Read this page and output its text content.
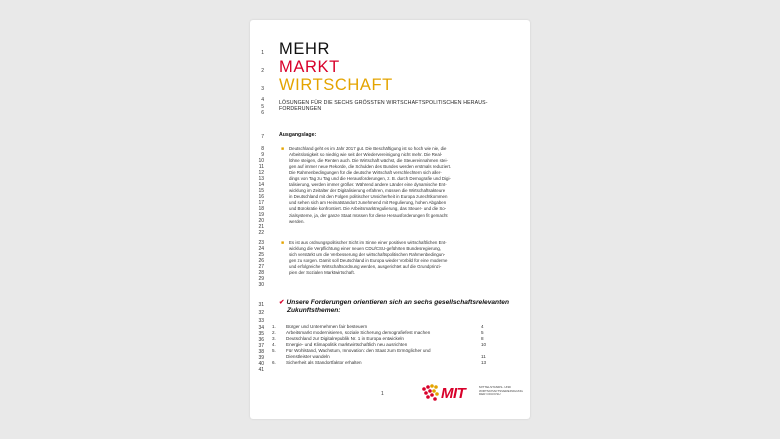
1
2
3
4
5
6
7
8
9
10
11
12
13
14
15
16
17
18
19
20
21
22
23
24
25
26
27
28
29
30
31
32
33
34
35
36
37
38
39
40
41
MEHR
MARKT
WIRTSCHAFT
LÖSUNGEN FÜR DIE SECHS GRÖSSTEN WIRTSCHAFTSPOLITISCHEN HERAUS-FORDERUNGEN
Ausgangslage:
■	Deutschland geht es im Jahr 2017 gut. Die Beschäftigung ist so hoch wie nie, die

Arbeitslosigkeit so niedrig wie seit der Wiedervereinigung nicht mehr. Die Real-

löhne steigen, die Renten auch. Die Wirtschaft wächst, die Steuereinnahmen stei-

gen auf immer neue Rekorde, die Schulden des Bundes werden erstmals reduziert.

Die Rahmenbedingungen für die deutsche Wirtschaft verschlechtern sich aller-

dings von Tag zu Tag und die Herausforderungen, z. B. durch Demografie und Digi-

talisierung, werden immer größer. Während andere Länder eine dynamische Ent-

wicklung im Zeitalter der Digitalisierung erfahren, müssen die Wirtschaftsakteure

in Deutschland mit den Folgen politischer Unsicherheit in Europa zurechtkommen

und sehen sich am Heimatstandort zunehmend mit Regulierung, hohen Abgaben

und Bürokratie konfrontiert. Die Arbeitsmarktregulierung, das Steuer- und die So-

zialsysteme, ja, der ganze Staat müssen für diese Herausforderungen fit gemacht

werden.

■	Es ist aus ordnungspolitischer Sicht im Sinne einer positiven wirtschaftlichen Ent-

wicklung die Verpflichtung einer neuen CDU/CSU-geführten Bundesregierung,

sich verstärkt um die Verbesserung der wirtschaftspolitischen Rahmenbedingun-

gen zu sorgen. Damit soll Deutschland in Europa wieder Vorbild für eine moderne

und erfolgreiche Wirtschaftsordnung werden, ausgerichtet auf die Grundprinzi-

pien der Sozialen Marktwirtschaft.

✔ Unsere Forderungen orientieren sich an sechs gesellschaftsrelevanten
Zukunftsthemen:
1. Bürger und Unternehmen fair besteuern	4
2. Arbeitsmarkt modernisieren, soziale Sicherung demografiefest machen	5
3. Deutschland zur Digitalrepublik Nr. 1 in Europa entwickeln	8
4. Energie- und Klimapolitik marktwirtschaftlich neu ausrichten	10
5. Für Wohlstand, Wachstum, Innovation: den Staat zum Ermöglicher und
Dienstleister wandeln	11
6. Sicherheit als Standortfaktor erhalten	13
1	MIT	MITTELSTANDS- UND
WIRTSCHAFTSVEREINIGUNG
DER CDU/CSU
